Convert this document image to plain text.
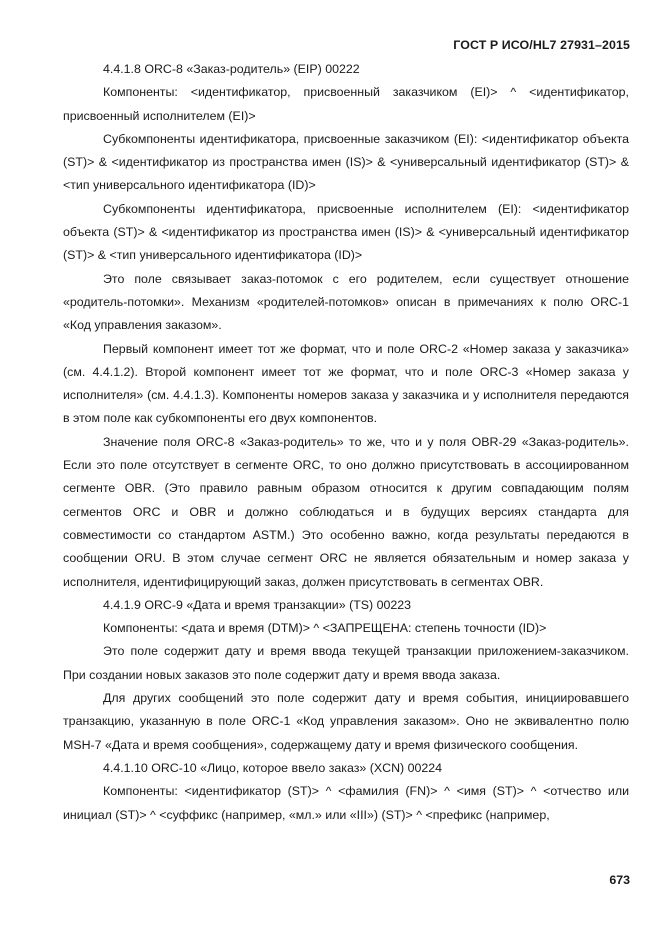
ГОСТ Р ИСО/HL7 27931–2015

4.4.1.8 ORC-8 «Заказ-родитель» (EIP) 00222

Компоненты: <идентификатор, присвоенный заказчиком (EI)> ^ <идентификатор, присвоенный исполнителем (EI)>

Субкомпоненты идентификатора, присвоенные заказчиком (EI): <идентификатор объекта (ST)> & <идентификатор из пространства имен (IS)> & <универсальный идентификатор (ST)> & <тип универсального идентификатора (ID)>

Субкомпоненты идентификатора, присвоенные исполнителем (EI): <идентификатор объекта (ST)> & <идентификатор из пространства имен (IS)> & <универсальный идентификатор (ST)> & <тип универсального идентификатора (ID)>

Это поле связывает заказ-потомок с его родителем, если существует отношение «родитель-потомки». Механизм «родителей-потомков» описан в примечаниях к полю ORC-1 «Код управления заказом».

Первый компонент имеет тот же формат, что и поле ORC-2 «Номер заказа у заказчика» (см. 4.4.1.2). Второй компонент имеет тот же формат, что и поле ORC-3 «Номер заказа у исполнителя» (см. 4.4.1.3). Компоненты номеров заказа у заказчика и у исполнителя передаются в этом поле как субкомпоненты его двух компонентов.

Значение поля ORC-8 «Заказ-родитель» то же, что и у поля OBR-29 «Заказ-родитель». Если это поле отсутствует в сегменте ORC, то оно должно присутствовать в ассоциированном сегменте OBR. (Это правило равным образом относится к другим совпадающим полям сегментов ORC и OBR и должно соблюдаться и в будущих версиях стандарта для совместимости со стандартом ASTM.) Это особенно важно, когда результаты передаются в сообщении ORU. В этом случае сегмент ORC не является обязательным и номер заказа у исполнителя, идентифицирующий заказ, должен присутствовать в сегментах OBR.

4.4.1.9 ORC-9 «Дата и время транзакции» (TS) 00223

Компоненты: <дата и время (DTM)> ^ <ЗАПРЕЩЕНА: степень точности (ID)>

Это поле содержит дату и время ввода текущей транзакции приложением-заказчиком. При создании новых заказов это поле содержит дату и время ввода заказа.

Для других сообщений это поле содержит дату и время события, инициировавшего транзакцию, указанную в поле ORC-1 «Код управления заказом». Оно не эквивалентно полю MSH-7 «Дата и время сообщения», содержащему дату и время физического сообщения.

4.4.1.10 ORC-10 «Лицо, которое ввело заказ» (XCN) 00224

Компоненты: <идентификатор (ST)> ^ <фамилия (FN)> ^ <имя (ST)> ^ <отчество или инициал (ST)> ^ <суффикс (например, «мл.» или «III») (ST)> ^ <префикс (например,

673
